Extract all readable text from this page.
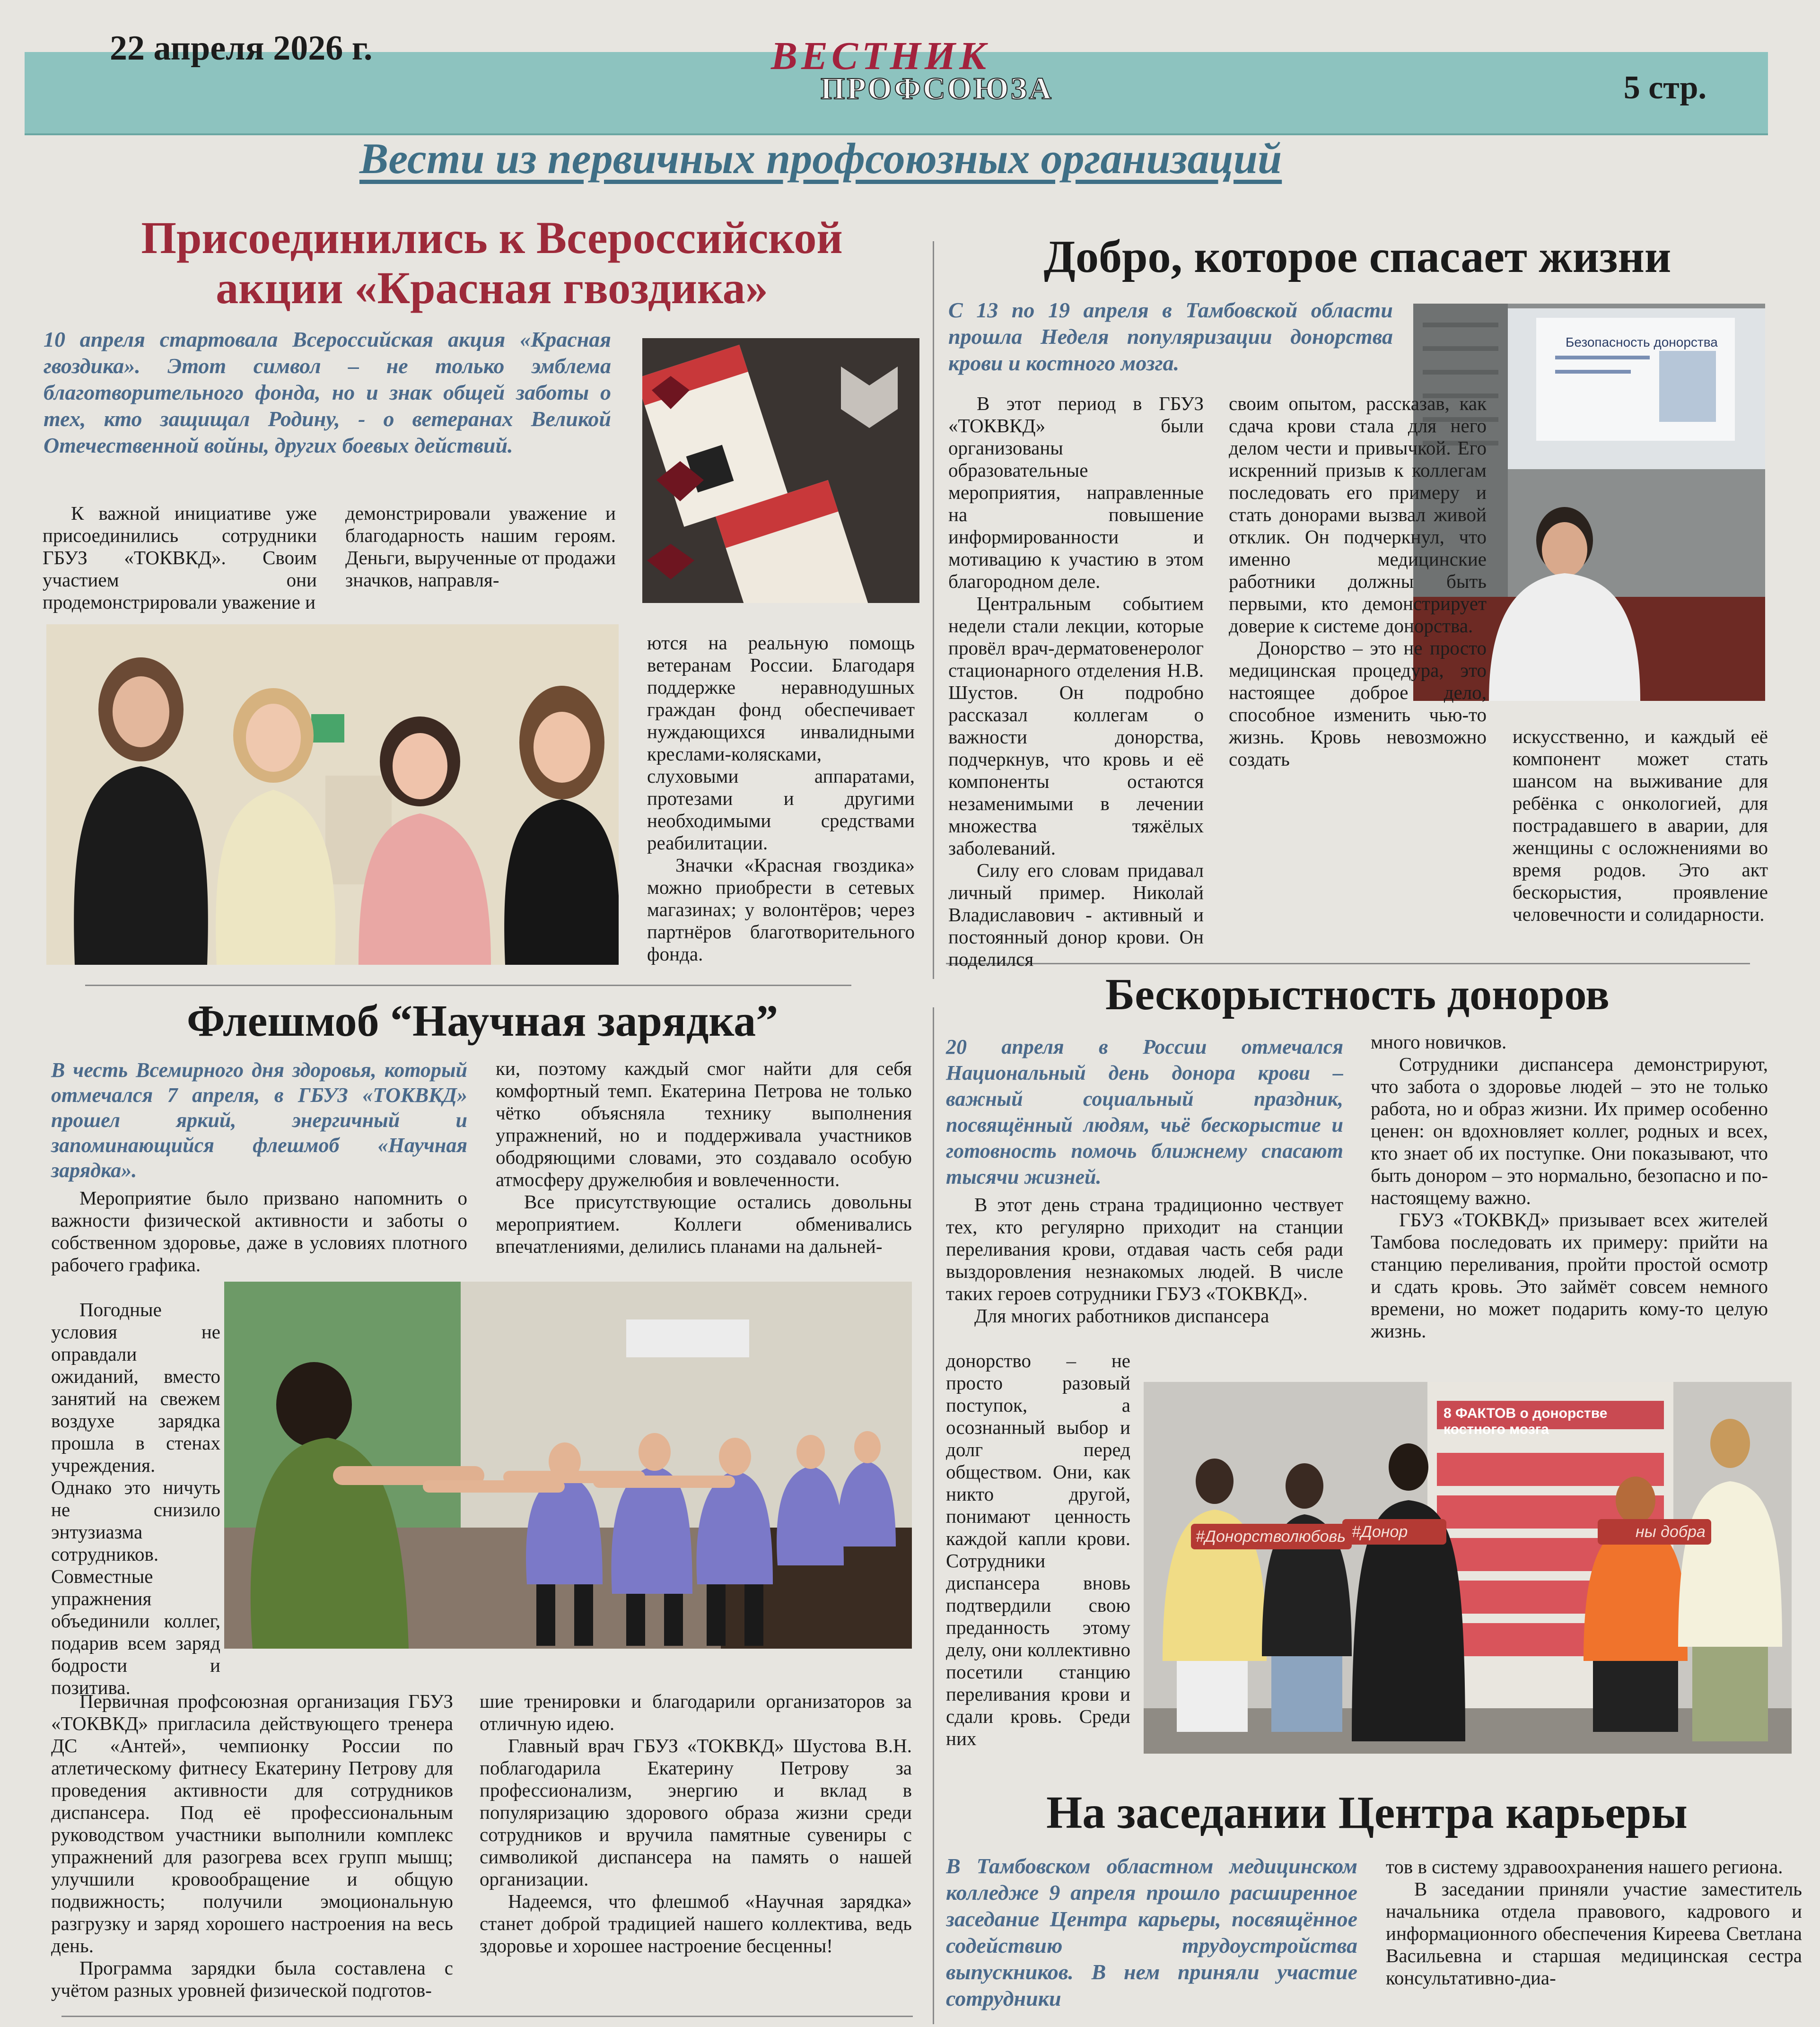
22 апреля 2026 г.	ВЕСТНИК
ПРОФСОЮЗА	5 стр.
Вести из первичных профсоюзных организаций
Присоединились к Всероссийской
акции «Красная гвоздика»

10 апреля стартовала Всероссийская акция «Красная гвоздика». Этот символ – не только эмблема благотворительного фонда, но и знак общей заботы о тех, кто защищал Родину, - о ветеранах Великой Отечественной войны, других боевых действий.

К важной инициативе уже присоединились сотрудники ГБУЗ «ТОКВКД». Своим участием они продемонстрировали уважение и

демонстрировали уважение и благодарность нашим героям. Деньги, вырученные от продажи значков, направля-

ются на реальную помощь ветеранам России. Благодаря поддержке неравнодушных граждан фонд обеспечивает нуждающихся инвалидными креслами-колясками, слуховыми аппаратами, протезами и другими необходимыми средствами реабилитации.

Значки «Красная гвоздика» можно приобрести в сетевых магазинах; у волонтёров; через партнёров благотворительного фонда.

Добро, которое спасает жизни

С 13 по 19 апреля в Тамбовской области прошла Неделя популяризации донорства крови и костного мозга.

Безопасность донорства

В этот период в ГБУЗ «ТОКВКД» были организованы образовательные мероприятия, направленные на повышение информированности и мотивацию к участию в этом благородном деле.

Центральным событием недели стали лекции, которые провёл врач-дерматовенеролог стационарного отделения Н.В. Шустов. Он подробно рассказал коллегам о важности донорства, подчеркнув, что кровь и её компоненты остаются незаменимыми в лечении множества тяжёлых заболеваний.

Силу его словам придавал личный пример. Николай Владиславович - активный и постоянный донор крови. Он поделился

своим опытом, рассказав, как сдача крови стала для него делом чести и привычкой. Его искренний призыв к коллегам последовать его примеру и стать донорами вызвал живой отклик. Он подчеркнул, что именно медицинские работники должны быть первыми, кто демонстрирует доверие к системе донорства.

Донорство – это не просто медицинская процедура, это настоящее доброе дело, способное изменить чью-то жизнь. Кровь невозможно создать

искусственно, и каждый её компонент может стать шансом на выживание для ребёнка с онкологией, для пострадавшего в аварии, для женщины с осложнениями во время родов. Это акт бескорыстия, проявление человечности и солидарности.

Флешмоб “Научная зарядка”

В честь Всемирного дня здоровья, который отмечался 7 апреля, в ГБУЗ «ТОКВКД» прошел яркий, энергичный и запоминающийся флешмоб «Научная зарядка».

ки, поэтому каждый смог найти для себя комфортный темп. Екатерина Петрова не только чётко объясняла технику выполнения упражнений, но и поддерживала участников ободряющими словами, это создавало особую атмосферу дружелюбия и вовлеченности.

Все присутствующие остались довольны мероприятием. Коллеги обменивались впечатлениями, делились планами на дальней-

Мероприятие было призвано напомнить о важности физической активности и заботы о собственном здоровье, даже в условиях плотного рабочего графика.

Погодные условия не оправдали ожиданий, вместо занятий на свежем воздухе зарядка прошла в стенах учреждения. Однако это ничуть не снизило энтузиазма сотрудников. Совместные упражнения объединили коллег, подарив всем заряд бодрости и позитива.

Первичная профсоюзная организация ГБУЗ «ТОКВКД» пригласила действующего тренера ДС «Антей», чемпионку России по атлетическому фитнесу Екатерину Петрову для проведения активности для сотрудников диспансера. Под её профессиональным руководством участники выполнили комплекс упражнений для разогрева всех групп мышц; улучшили кровообращение и общую подвижность; получили эмоциональную разгрузку и заряд хорошего настроения на весь день.

Программа зарядки была составлена с учётом разных уровней физической подготов-

шие тренировки и благодарили организаторов за отличную идею.

Главный врач ГБУЗ «ТОКВКД» Шустова В.Н. поблагодарила Екатерину Петрову за профессионализм, энергию и вклад в популяризацию здорового образа жизни среди сотрудников и вручила памятные сувениры с символикой диспансера на память о нашей организации.

Надеемся, что флешмоб «Научная зарядка» станет доброй традицией нашего коллектива, ведь здоровье и хорошее настроение бесценны!

Бескорыстность доноров

20 апреля в России отмечался Национальный день донора крови – важный социальный праздник, посвящённый людям, чьё бескорыстие и готовность помочь ближнему спасают тысячи жизней.

В этот день страна традиционно чествует тех, кто регулярно приходит на станции переливания крови, отдавая часть себя ради выздоровления незнакомых людей. В числе таких героев сотрудники ГБУЗ «ТОКВКД».

Для многих работников диспансера

донорство – не просто разовый поступок, а осознанный выбор и долг перед обществом. Они, как никто другой, понимают ценность каждой капли крови. Сотрудники диспансера вновь подтвердили свою преданность этому делу, они коллективно посетили станцию переливания крови и сдали кровь. Среди них

много новичков.

Сотрудники диспансера демонстрируют, что забота о здоровье людей – это не только работа, но и образ жизни. Их пример особенно ценен: он вдохновляет коллег, родных и всех, кто знает об их поступке. Они показывают, что быть донором – это нормально, безопасно и по-настоящему важно.

ГБУЗ «ТОКВКД» призывает всех жителей Тамбова последовать их примеру: прийти на станцию переливания, пройти простой осмотр и сдать кровь. Это займёт совсем немного времени, но может подарить кому-то целую жизнь.

8 ФАКТОВ о донорстве костного мозга
#Донорстволюбовь #Донор	ны добра
На заседании Центра карьеры

В Тамбовском областном медицинском колледже 9 апреля прошло расширенное заседание Центра карьеры, посвящённое содействию трудоустройства выпускников. В нем приняли участие сотрудники

тов в систему здравоохранения нашего региона.

В заседании приняли участие заместитель начальника отдела правового, кадрового и информационного обеспечения Киреева Светлана Васильевна и старшая медицинская сестра консультативно-диа-
